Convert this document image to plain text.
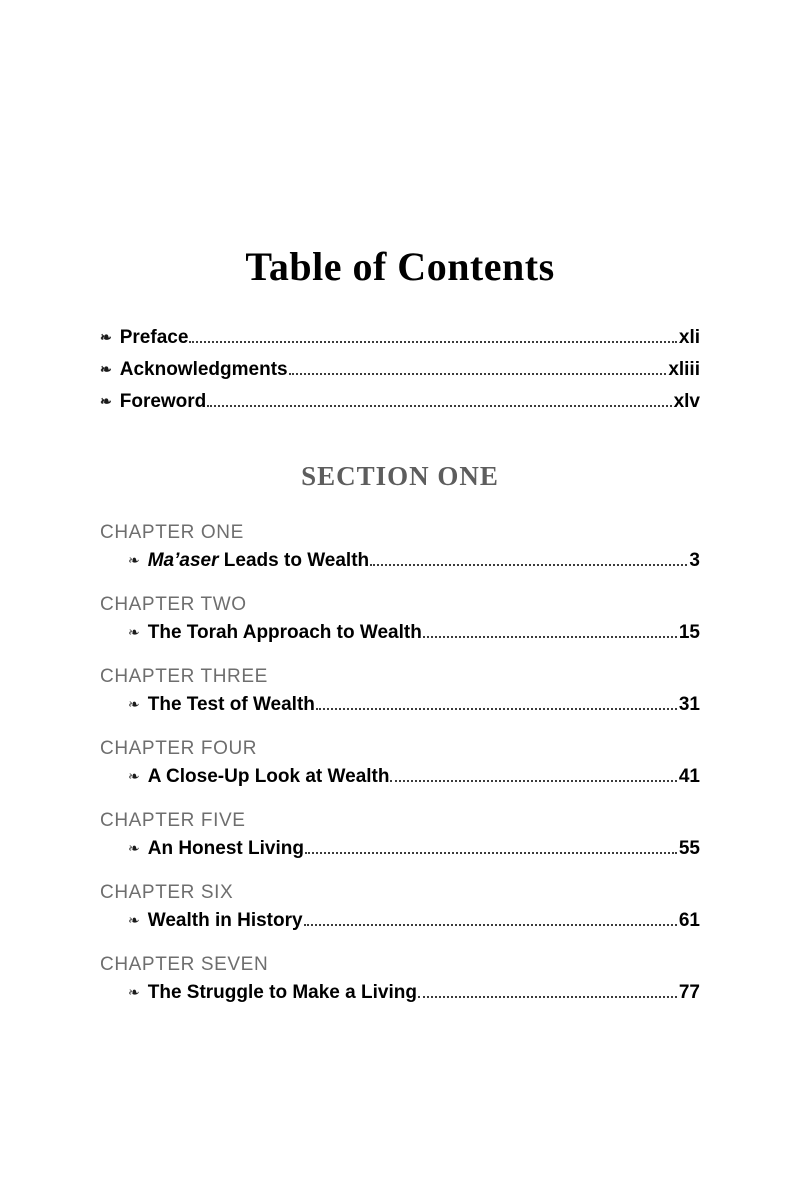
Table of Contents
❧ Preface	xli
❧ Acknowledgments	xliii
❧ Foreword	xlv
SECTION ONE
CHAPTER ONE
❧ Ma’aser Leads to Wealth	3
CHAPTER TWO
❧ The Torah Approach to Wealth	15
CHAPTER THREE
❧ The Test of Wealth	31
CHAPTER FOUR
❧ A Close-Up Look at Wealth	41
CHAPTER FIVE
❧ An Honest Living	55
CHAPTER SIX
❧ Wealth in History	61
CHAPTER SEVEN
❧ The Struggle to Make a Living	77
